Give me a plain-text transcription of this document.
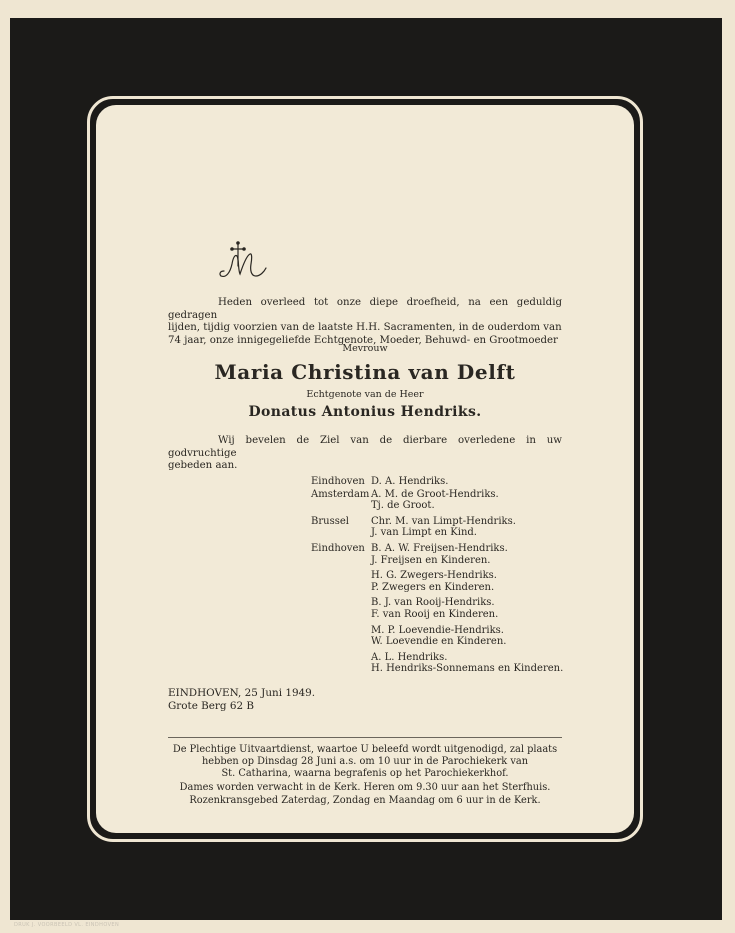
Heden overleed tot onze diepe droefheid, na een geduldig gedragen
lijden, tijdig voorzien van de laatste H.H. Sacramenten, in de ouderdom van
74 jaar, onze innigegeliefde Echtgenote, Moeder, Behuwd- en Grootmoeder
Mevrouw
Maria Christina van Delft
Echtgenote van de Heer
Donatus Antonius Hendriks.
Wij bevelen de Ziel van de dierbare overledene in uw godvruchtige
gebeden aan.
Eindhoven D. A. Hendriks.
Amsterdam A. M. de Groot-Hendriks.
Tj. de Groot.
Brussel	Chr. M. van Limpt-Hendriks.
J. van Limpt en Kind.
Eindhoven B. A. W. Freijsen-Hendriks.
J. Freijsen en Kinderen.
H. G. Zwegers-Hendriks.
P. Zwegers en Kinderen.
B. J. van Rooij-Hendriks.
F. van Rooij en Kinderen.
M. P. Loevendie-Hendriks.
W. Loevendie en Kinderen.
A. L. Hendriks.
H. Hendriks-Sonnemans en Kinderen.
EINDHOVEN, 25 Juni 1949.
Grote Berg 62 B
De Plechtige Uitvaartdienst, waartoe U beleefd wordt uitgenodigd, zal plaats
hebben op Dinsdag 28 Juni a.s. om 10 uur in de Parochiekerk van
St. Catharina, waarna begrafenis op het Parochiekerkhof.
Dames worden verwacht in de Kerk. Heren om 9.30 uur aan het Sterfhuis.
Rozenkransgebed Zaterdag, Zondag en Maandag om 6 uur in de Kerk.
DRUK J. VOORBEELD VL. EINDHOVEN
